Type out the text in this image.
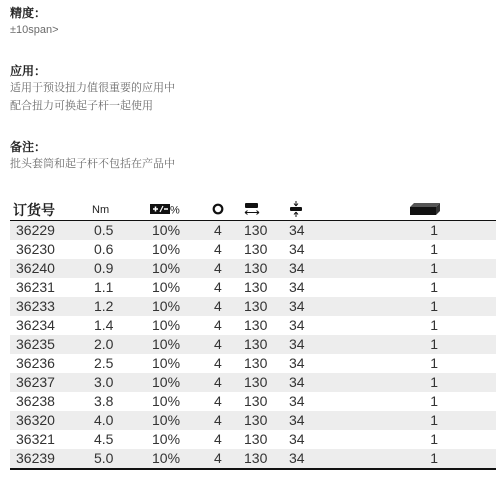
精度：
±10span>
应用：
适用于预设扭力值很重要的应用中
配合扭力可换起子杆一起使用
备注：
批头套筒和起子杆不包括在产品中
订货号	Nm	%				
36229	0.5	10%	4	130	34	1
36230	0.6	10%	4	130	34	1
36240	0.9	10%	4	130	34	1
36231	1.1	10%	4	130	34	1
36233	1.2	10%	4	130	34	1
36234	1.4	10%	4	130	34	1
36235	2.0	10%	4	130	34	1
36236	2.5	10%	4	130	34	1
36237	3.0	10%	4	130	34	1
36238	3.8	10%	4	130	34	1
36320	4.0	10%	4	130	34	1
36321	4.5	10%	4	130	34	1
36239	5.0	10%	4	130	34	1
